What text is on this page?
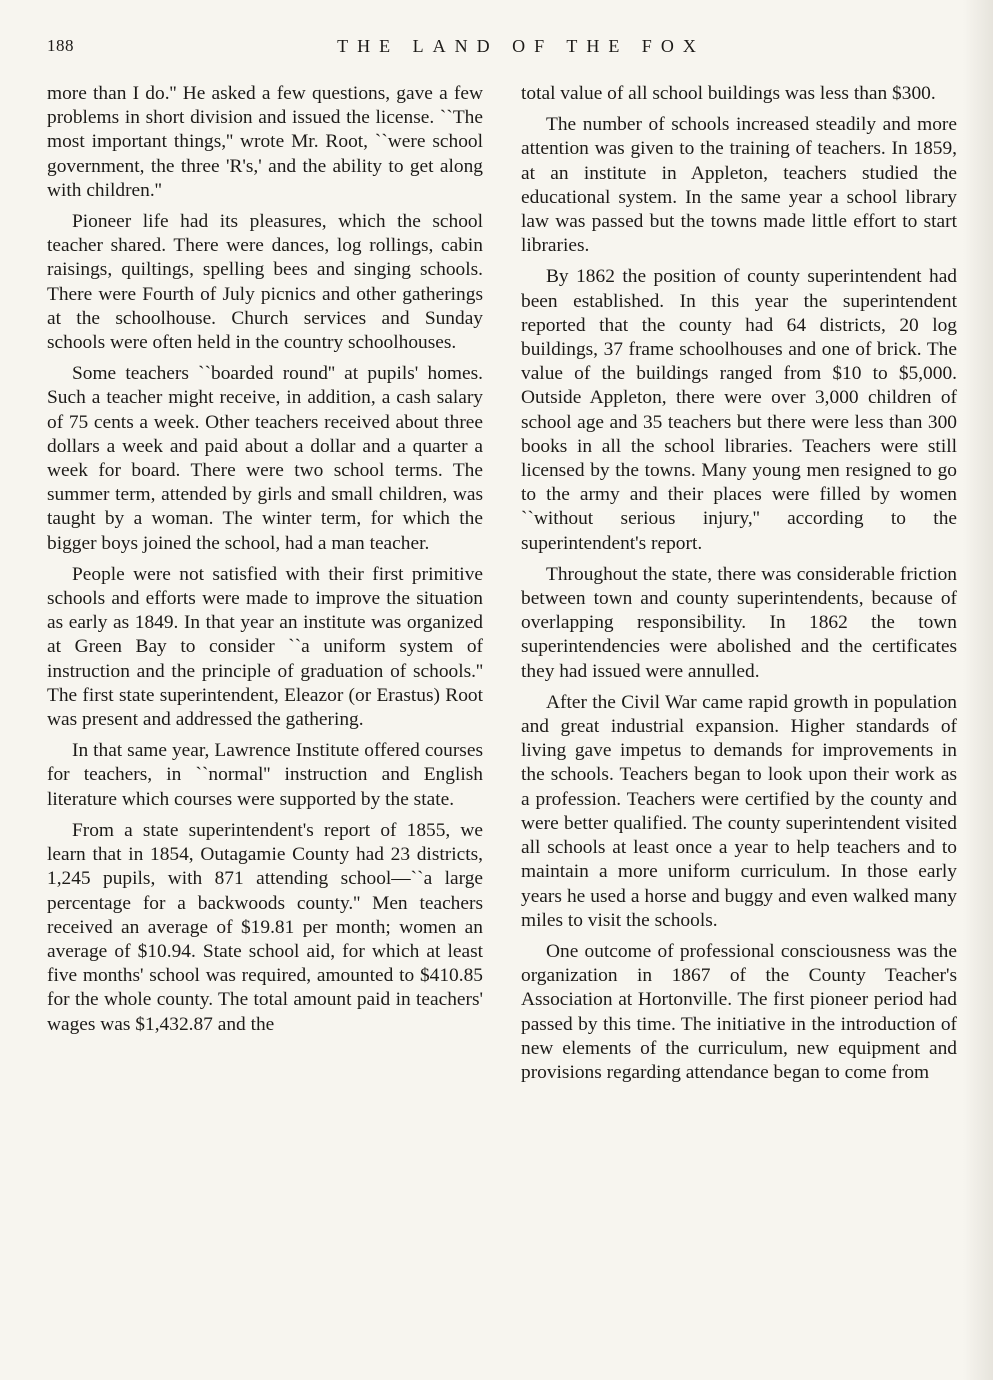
188	THE LAND OF THE FOX

more than I do.'' He asked a few questions, gave a few problems in short division and issued the license. ``The most important things,'' wrote Mr. Root, ``were school government, the three 'R's,' and the ability to get along with children.''

Pioneer life had its pleasures, which the school teacher shared. There were dances, log rollings, cabin raisings, quiltings, spelling bees and singing schools. There were Fourth of July picnics and other gatherings at the schoolhouse. Church services and Sunday schools were often held in the country schoolhouses.

Some teachers ``boarded round'' at pupils' homes. Such a teacher might receive, in addition, a cash salary of 75 cents a week. Other teachers received about three dollars a week and paid about a dollar and a quarter a week for board. There were two school terms. The summer term, attended by girls and small children, was taught by a woman. The winter term, for which the bigger boys joined the school, had a man teacher.

People were not satisfied with their first primitive schools and efforts were made to improve the situation as early as 1849. In that year an institute was organized at Green Bay to consider ``a uniform system of instruction and the principle of graduation of schools.'' The first state superintendent, Eleazor (or Erastus) Root was present and addressed the gathering.

In that same year, Lawrence Institute offered courses for teachers, in ``normal'' instruction and English literature which courses were supported by the state.

From a state superintendent's report of 1855, we learn that in 1854, Outagamie County had 23 districts, 1,245 pupils, with 871 attending school—``a large percentage for a backwoods county.'' Men teachers received an average of $19.81 per month; women an average of $10.94. State school aid, for which at least five months' school was required, amounted to $410.85 for the whole county. The total amount paid in teachers' wages was $1,432.87 and the

total value of all school buildings was less than $300.

The number of schools increased steadily and more attention was given to the training of teachers. In 1859, at an institute in Appleton, teachers studied the educational system. In the same year a school library law was passed but the towns made little effort to start libraries.

By 1862 the position of county superintendent had been established. In this year the superintendent reported that the county had 64 districts, 20 log buildings, 37 frame schoolhouses and one of brick. The value of the buildings ranged from $10 to $5,000. Outside Appleton, there were over 3,000 children of school age and 35 teachers but there were less than 300 books in all the school libraries. Teachers were still licensed by the towns. Many young men resigned to go to the army and their places were filled by women ``without serious injury,'' according to the superintendent's report.

Throughout the state, there was considerable friction between town and county superintendents, because of overlapping responsibility. In 1862 the town superintendencies were abolished and the certificates they had issued were annulled.

After the Civil War came rapid growth in population and great industrial expansion. Higher standards of living gave impetus to demands for improvements in the schools. Teachers began to look upon their work as a profession. Teachers were certified by the county and were better qualified. The county superintendent visited all schools at least once a year to help teachers and to maintain a more uniform curriculum. In those early years he used a horse and buggy and even walked many miles to visit the schools.

One outcome of professional consciousness was the organization in 1867 of the County Teacher's Association at Hortonville. The first pioneer period had passed by this time. The initiative in the introduction of new elements of the curriculum, new equipment and provisions regarding attendance began to come from
